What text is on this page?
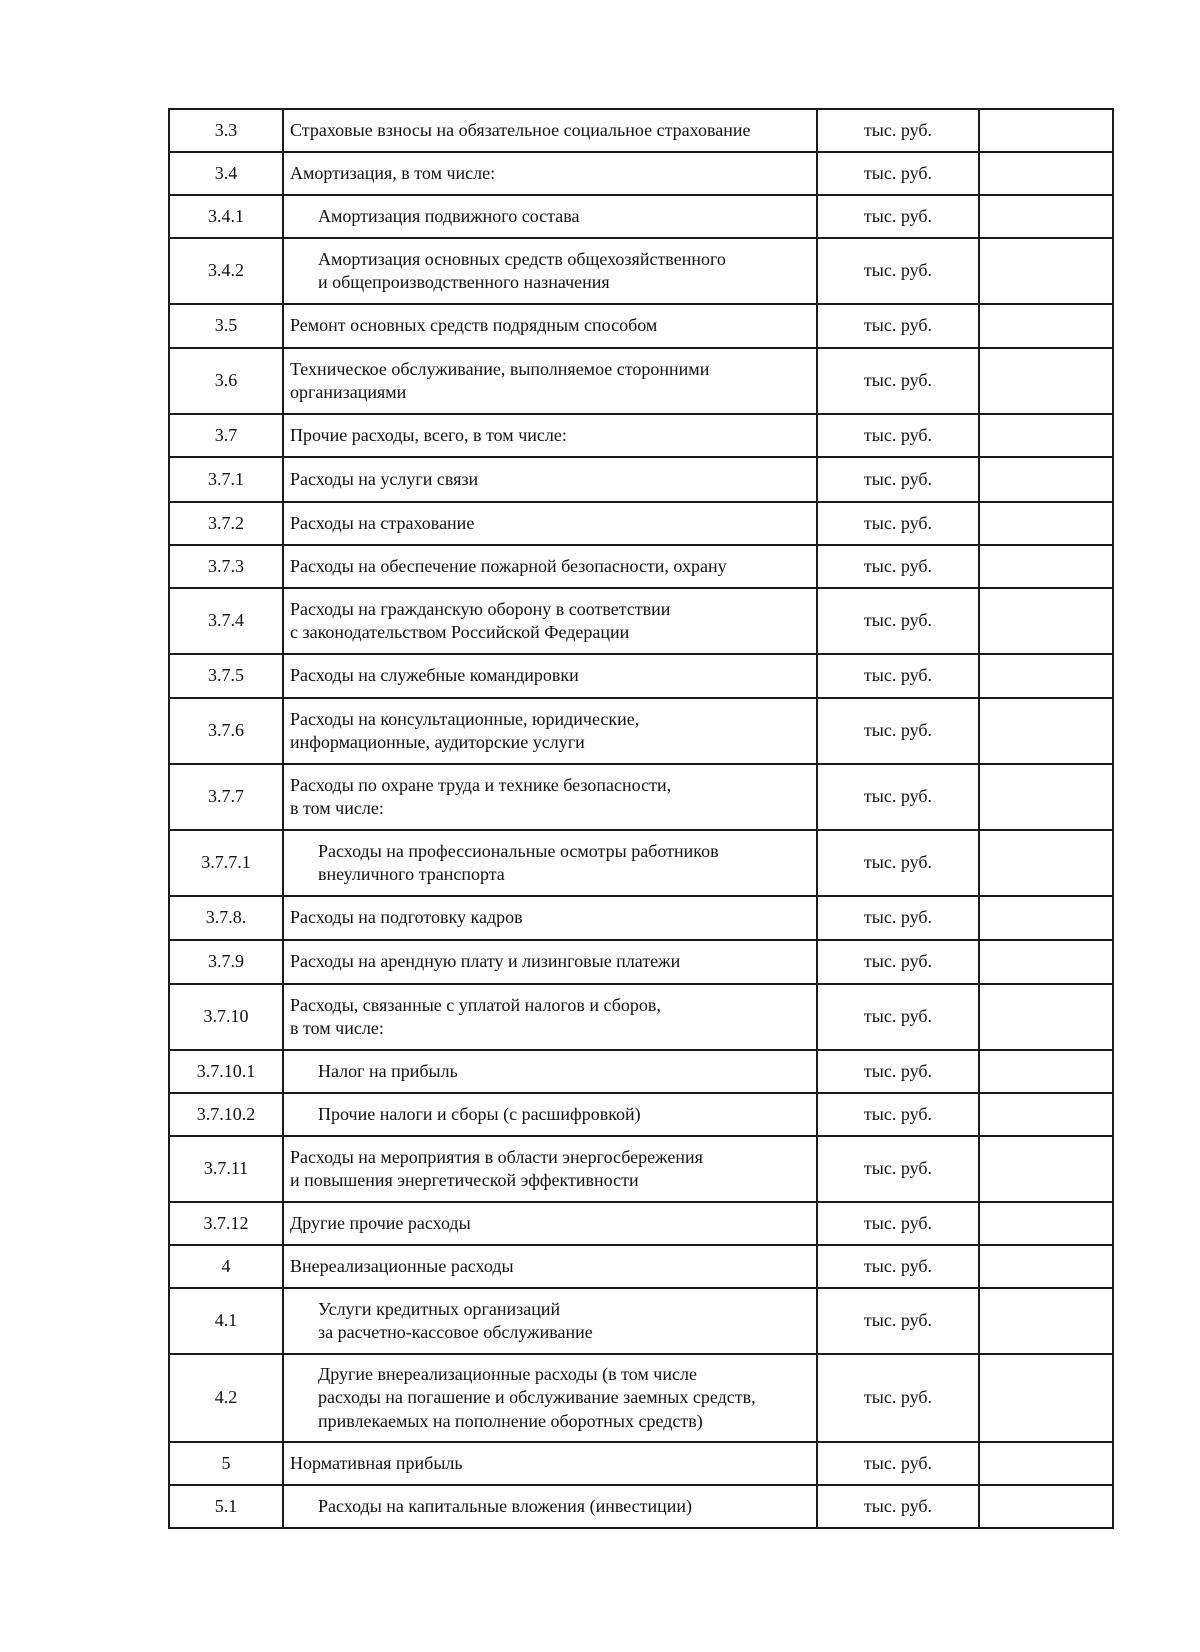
3.3	Страховые взносы на обязательное социальное страхование	тыс. руб.	
3.4	Амортизация, в том числе:	тыс. руб.	
3.4.1	Амортизация подвижного состава	тыс. руб.	
3.4.2	Амортизация основных средств общехозяйственного
и общепроизводственного назначения	тыс. руб.	
3.5	Ремонт основных средств подрядным способом	тыс. руб.	
3.6	Техническое обслуживание, выполняемое сторонними
организациями	тыс. руб.	
3.7	Прочие расходы, всего, в том числе:	тыс. руб.	
3.7.1	Расходы на услуги связи	тыс. руб.	
3.7.2	Расходы на страхование	тыс. руб.	
3.7.3	Расходы на обеспечение пожарной безопасности, охрану	тыс. руб.	
3.7.4	Расходы на гражданскую оборону в соответствии
с законодательством Российской Федерации	тыс. руб.	
3.7.5	Расходы на служебные командировки	тыс. руб.	
3.7.6	Расходы на консультационные, юридические,
информационные, аудиторские услуги	тыс. руб.	
3.7.7	Расходы по охране труда и технике безопасности,
в том числе:	тыс. руб.	
3.7.7.1	Расходы на профессиональные осмотры работников
внеуличного транспорта	тыс. руб.	
3.7.8.	Расходы на подготовку кадров	тыс. руб.	
3.7.9	Расходы на арендную плату и лизинговые платежи	тыс. руб.	
3.7.10	Расходы, связанные с уплатой налогов и сборов,
в том числе:	тыс. руб.	
3.7.10.1	Налог на прибыль	тыс. руб.	
3.7.10.2	Прочие налоги и сборы (с расшифровкой)	тыс. руб.	
3.7.11	Расходы на мероприятия в области энергосбережения
и повышения энергетической эффективности	тыс. руб.	
3.7.12	Другие прочие расходы	тыс. руб.	
4	Внереализационные расходы	тыс. руб.	
4.1	Услуги кредитных организаций
за расчетно-кассовое обслуживание	тыс. руб.	
4.2	Другие внереализационные расходы (в том числе
расходы на погашение и обслуживание заемных средств,
привлекаемых на пополнение оборотных средств)	тыс. руб.	
5	Нормативная прибыль	тыс. руб.	
5.1	Расходы на капитальные вложения (инвестиции)	тыс. руб.	
